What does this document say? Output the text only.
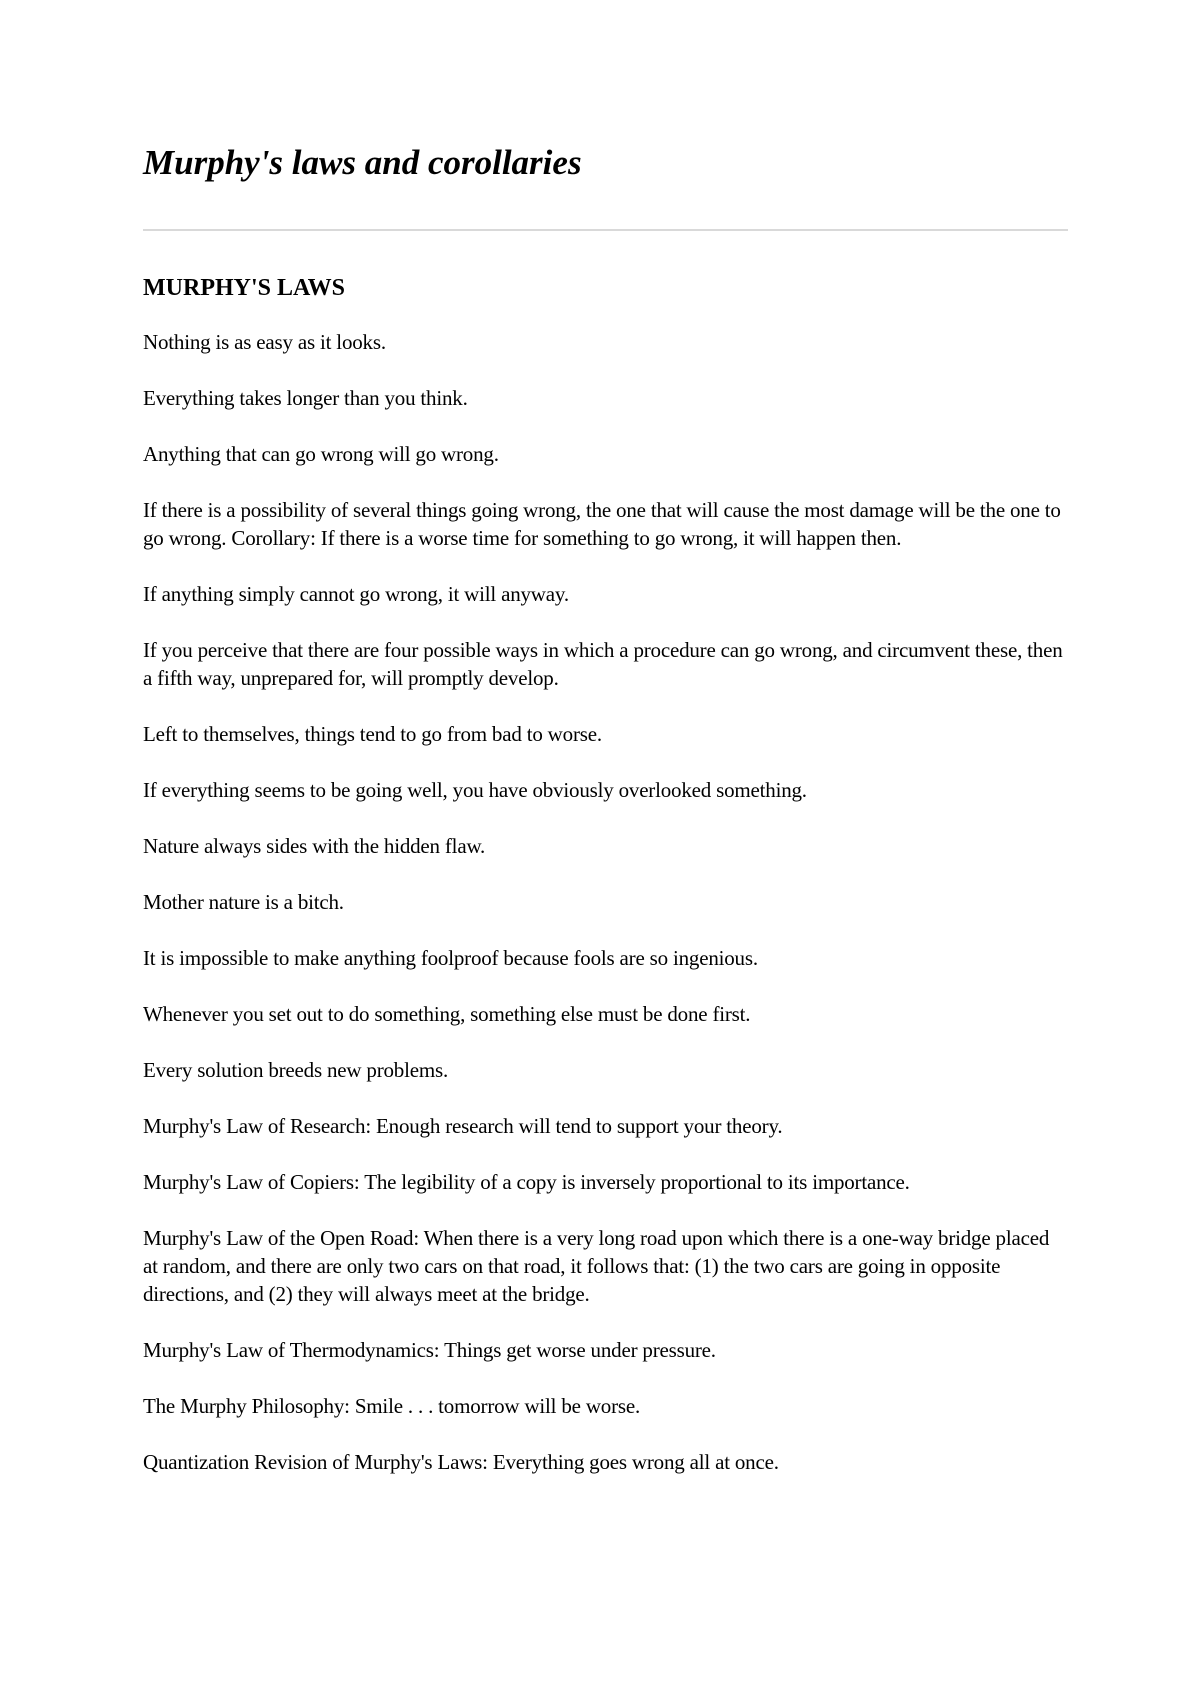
Murphy's laws and corollaries
MURPHY'S LAWS

Nothing is as easy as it looks.

Everything takes longer than you think.

Anything that can go wrong will go wrong.

If there is a possibility of several things going wrong, the one that will cause the most damage will be the one to go wrong. Corollary: If there is a worse time for something to go wrong, it will happen then.

If anything simply cannot go wrong, it will anyway.

If you perceive that there are four possible ways in which a procedure can go wrong, and circumvent these, then a fifth way, unprepared for, will promptly develop.

Left to themselves, things tend to go from bad to worse.

If everything seems to be going well, you have obviously overlooked something.

Nature always sides with the hidden flaw.

Mother nature is a bitch.

It is impossible to make anything foolproof because fools are so ingenious.

Whenever you set out to do something, something else must be done first.

Every solution breeds new problems.

Murphy's Law of Research: Enough research will tend to support your theory.

Murphy's Law of Copiers: The legibility of a copy is inversely proportional to its importance.

Murphy's Law of the Open Road: When there is a very long road upon which there is a one-way bridge placed at random, and there are only two cars on that road, it follows that: (1) the two cars are going in opposite directions, and (2) they will always meet at the bridge.

Murphy's Law of Thermodynamics: Things get worse under pressure.

The Murphy Philosophy: Smile . . . tomorrow will be worse.

Quantization Revision of Murphy's Laws: Everything goes wrong all at once.
